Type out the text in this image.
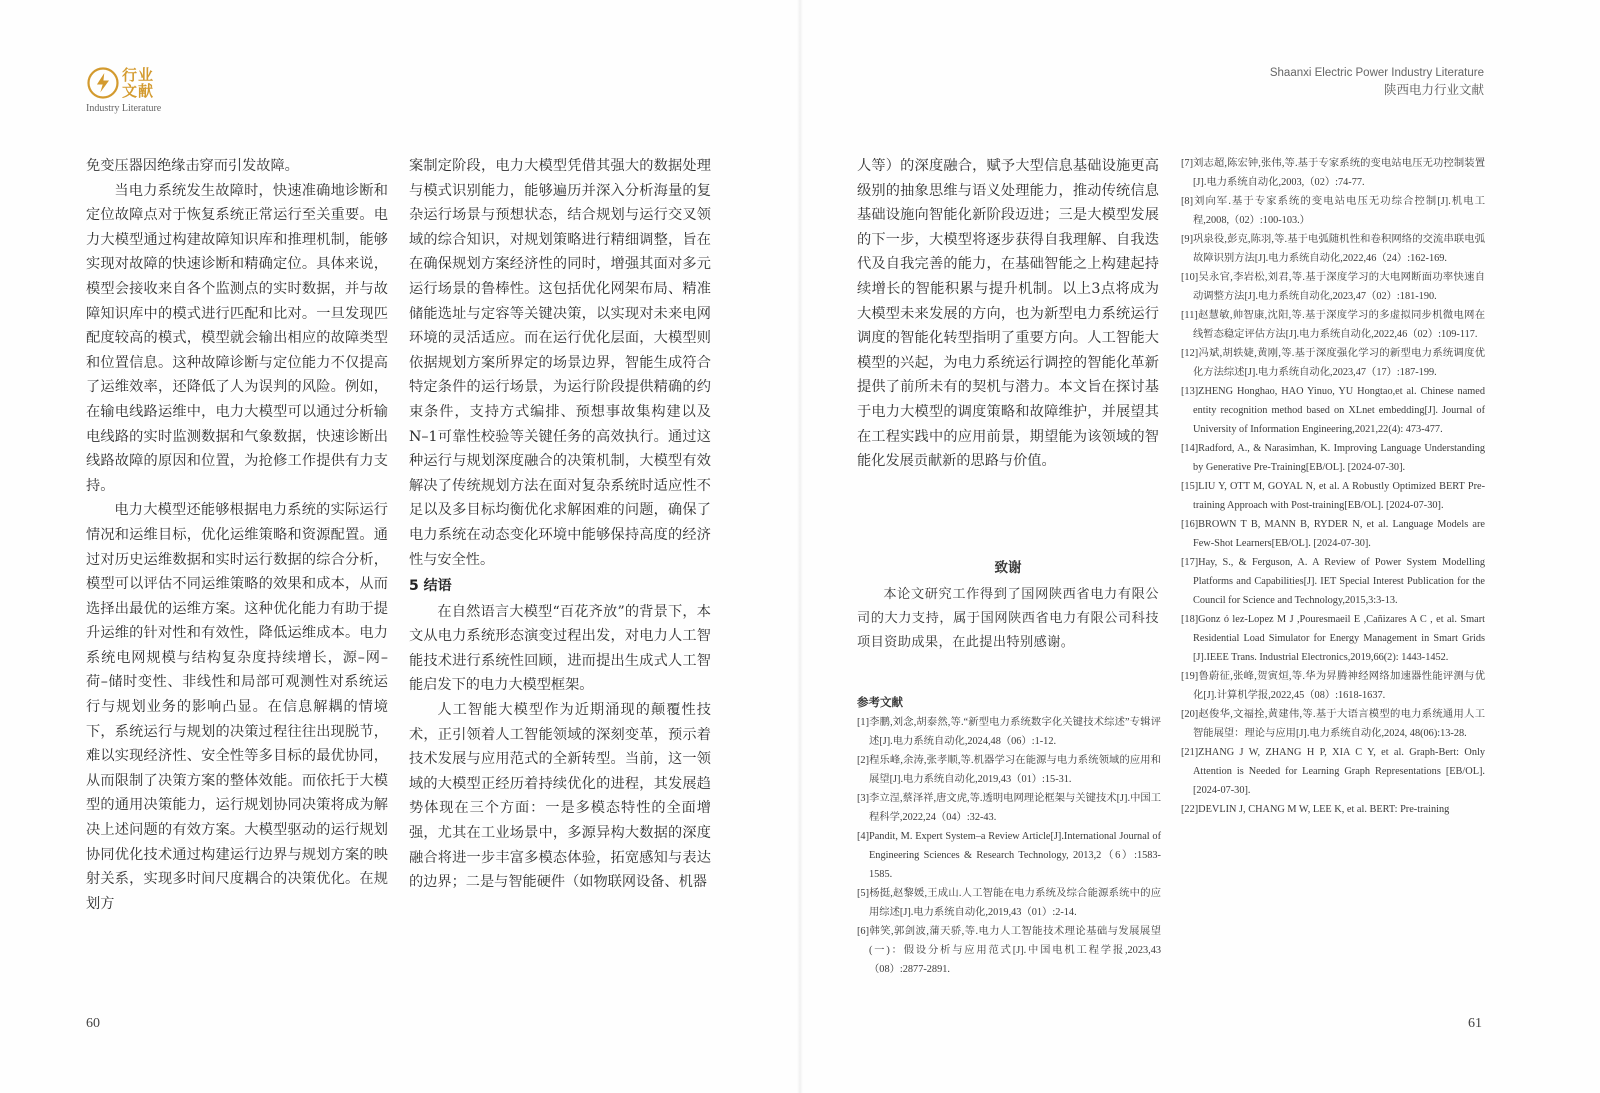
行业
文献
Industry Literature
Shaanxi Electric Power Industry Literature
陕西电力行业文献

免变压器因绝缘击穿而引发故障。

当电力系统发生故障时，快速准确地诊断和定位故障点对于恢复系统正常运行至关重要。电力大模型通过构建故障知识库和推理机制，能够实现对故障的快速诊断和精确定位。具体来说，模型会接收来自各个监测点的实时数据，并与故障知识库中的模式进行匹配和比对。一旦发现匹配度较高的模式，模型就会输出相应的故障类型和位置信息。这种故障诊断与定位能力不仅提高了运维效率，还降低了人为误判的风险。例如，在输电线路运维中，电力大模型可以通过分析输电线路的实时监测数据和气象数据，快速诊断出线路故障的原因和位置，为抢修工作提供有力支持。

电力大模型还能够根据电力系统的实际运行情况和运维目标，优化运维策略和资源配置。通过对历史运维数据和实时运行数据的综合分析，模型可以评估不同运维策略的效果和成本，从而选择出最优的运维方案。这种优化能力有助于提升运维的针对性和有效性，降低运维成本。电力系统电网规模与结构复杂度持续增长，源–网–荷–储时变性、非线性和局部可观测性对系统运行与规划业务的影响凸显。在信息解耦的情境下，系统运行与规划的决策过程往往出现脱节，难以实现经济性、安全性等多目标的最优协同，从而限制了决策方案的整体效能。而依托于大模型的通用决策能力，运行规划协同决策将成为解决上述问题的有效方案。大模型驱动的运行规划协同优化技术通过构建运行边界与规划方案的映射关系，实现多时间尺度耦合的决策优化。在规划方

案制定阶段，电力大模型凭借其强大的数据处理与模式识别能力，能够遍历并深入分析海量的复杂运行场景与预想状态，结合规划与运行交叉领域的综合知识，对规划策略进行精细调整，旨在在确保规划方案经济性的同时，增强其面对多元运行场景的鲁棒性。这包括优化网架布局、精准储能选址与定容等关键决策，以实现对未来电网环境的灵活适应。而在运行优化层面，大模型则依据规划方案所界定的场景边界，智能生成符合特定条件的运行场景，为运行阶段提供精确的约束条件，支持方式编排、预想事故集构建以及N–1可靠性校验等关键任务的高效执行。通过这种运行与规划深度融合的决策机制，大模型有效解决了传统规划方法在面对复杂系统时适应性不足以及多目标均衡优化求解困难的问题，确保了电力系统在动态变化环境中能够保持高度的经济性与安全性。

5 结语

在自然语言大模型“百花齐放”的背景下，本文从电力系统形态演变过程出发，对电力人工智能技术进行系统性回顾，进而提出生成式人工智能启发下的电力大模型框架。

人工智能大模型作为近期涌现的颠覆性技术，正引领着人工智能领域的深刻变革，预示着技术发展与应用范式的全新转型。当前，这一领域的大模型正经历着持续优化的进程，其发展趋势体现在三个方面：一是多模态特性的全面增强，尤其在工业场景中，多源异构大数据的深度融合将进一步丰富多模态体验，拓宽感知与表达的边界；二是与智能硬件（如物联网设备、机器

人等）的深度融合，赋予大型信息基础设施更高级别的抽象思维与语义处理能力，推动传统信息基础设施向智能化新阶段迈进；三是大模型发展的下一步，大模型将逐步获得自我理解、自我迭代及自我完善的能力，在基础智能之上构建起持续增长的智能积累与提升机制。以上3点将成为大模型未来发展的方向，也为新型电力系统运行调度的智能化转型指明了重要方向。人工智能大模型的兴起，为电力系统运行调控的智能化革新提供了前所未有的契机与潜力。本文旨在探讨基于电力大模型的调度策略和故障维护，并展望其在工程实践中的应用前景，期望能为该领域的智能化发展贡献新的思路与价值。

致谢
本论文研究工作得到了国网陕西省电力有限公司的大力支持，属于国网陕西省电力有限公司科技项目资助成果，在此提出特别感谢。
参考文献
[1]李鹏,刘念,胡泰然,等.“新型电力系统数字化关键技术综述”专辑评述[J].电力系统自动化,2024,48（06）:1-12.
[2]程乐峰,余涛,张孝顺,等.机器学习在能源与电力系统领域的应用和展望[J].电力系统自动化,2019,43（01）:15-31.
[3]李立浧,蔡泽祥,唐文虎,等.透明电网理论框架与关键技术[J].中国工程科学,2022,24（04）:32-43.
[4]Pandit, M. Expert System–a Review Article[J].International Journal of Engineering Sciences & Research Technology, 2013,2（6）:1583-1585.
[5]杨挺,赵黎媛,王成山.人工智能在电力系统及综合能源系统中的应用综述[J].电力系统自动化,2019,43（01）:2-14.
[6]韩笑,郭剑波,蒲天骄,等.电力人工智能技术理论基础与发展展望(一)：假设分析与应用范式[J].中国电机工程学报,2023,43（08）:2877-2891.
[7]刘志超,陈宏钟,张伟,等.基于专家系统的变电站电压无功控制装置[J].电力系统自动化,2003,（02）:74-77.
[8]刘向军.基于专家系统的变电站电压无功综合控制[J].机电工程,2008,（02）:100-103.）
[9]巩泉役,彭克,陈羽,等.基于电弧随机性和卷积网络的交流串联电弧故障识别方法[J].电力系统自动化,2022,46（24）:162-169.
[10]吴永官,李岩松,刘君,等.基于深度学习的大电网断面功率快速自动调整方法[J].电力系统自动化,2023,47（02）:181-190.
[11]赵慧敏,帅智康,沈阳,等.基于深度学习的多虚拟同步机微电网在线暂态稳定评估方法[J].电力系统自动化,2022,46（02）:109-117.
[12]冯斌,胡轶婕,黄刚,等.基于深度强化学习的新型电力系统调度优化方法综述[J].电力系统自动化,2023,47（17）:187-199.
[13]ZHENG Honghao, HAO Yinuo, YU Hongtao,et al. Chinese named entity recognition method based on XLnet embedding[J]. Journal of University of Information Engineering,2021,22(4): 473-477.
[14]Radford, A., & Narasimhan, K. Improving Language Understanding by Generative Pre-Training[EB/OL]. [2024-07-30].
[15]LIU Y, OTT M, GOYAL N, et al. A Robustly Optimized BERT Pre-training Approach with Post-training[EB/OL]. [2024-07-30].
[16]BROWN T B, MANN B, RYDER N, et al. Language Models are Few-Shot Learners[EB/OL]. [2024-07-30].
[17]Hay, S., & Ferguson, A. A Review of Power System Modelling Platforms and Capabilities[J]. IET Special Interest Publication for the Council for Science and Technology,2015,3:3-13.
[18]Gonz ó lez-Lopez M J ,Pouresmaeil E ,Cañizares A C , et al. Smart Residential Load Simulator for Energy Management in Smart Grids [J].IEEE Trans. Industrial Electronics,2019,66(2): 1443-1452.
[19]鲁蔚征,张峰,贺寅烜,等.华为昇腾神经网络加速器性能评测与优化[J].计算机学报,2022,45（08）:1618-1637.
[20]赵俊华,文福拴,黄建伟,等.基于大语言模型的电力系统通用人工智能展望：理论与应用[J].电力系统自动化,2024, 48(06):13-28.
[21]ZHANG J W, ZHANG H P, XIA C Y, et al. Graph-Bert: Only Attention is Needed for Learning Graph Representations [EB/OL]. [2024-07-30].
[22]DEVLIN J, CHANG M W, LEE K, et al. BERT: Pre-training
60	61
